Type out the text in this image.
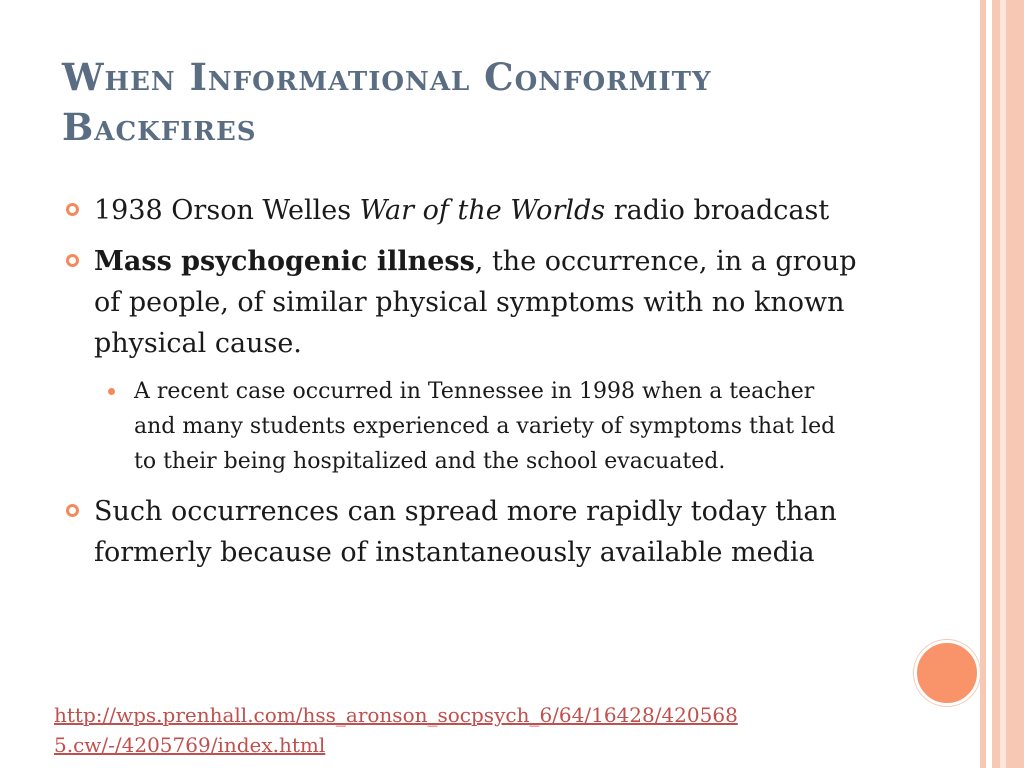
When Informational Conformity
Backfires
1938 Orson Welles War of the Worlds radio broadcast
Mass psychogenic illness, the occurrence, in a group of people, of similar physical symptoms with no known physical cause.
A recent case occurred in Tennessee in 1998 when a teacher and many students experienced a variety of symptoms that led to their being hospitalized and the school evacuated.
Such occurrences can spread more rapidly today than formerly because of instantaneously available media
http://wps.prenhall.com/hss_aronson_socpsych_6/64/16428/420568
5.cw/-/4205769/index.html
